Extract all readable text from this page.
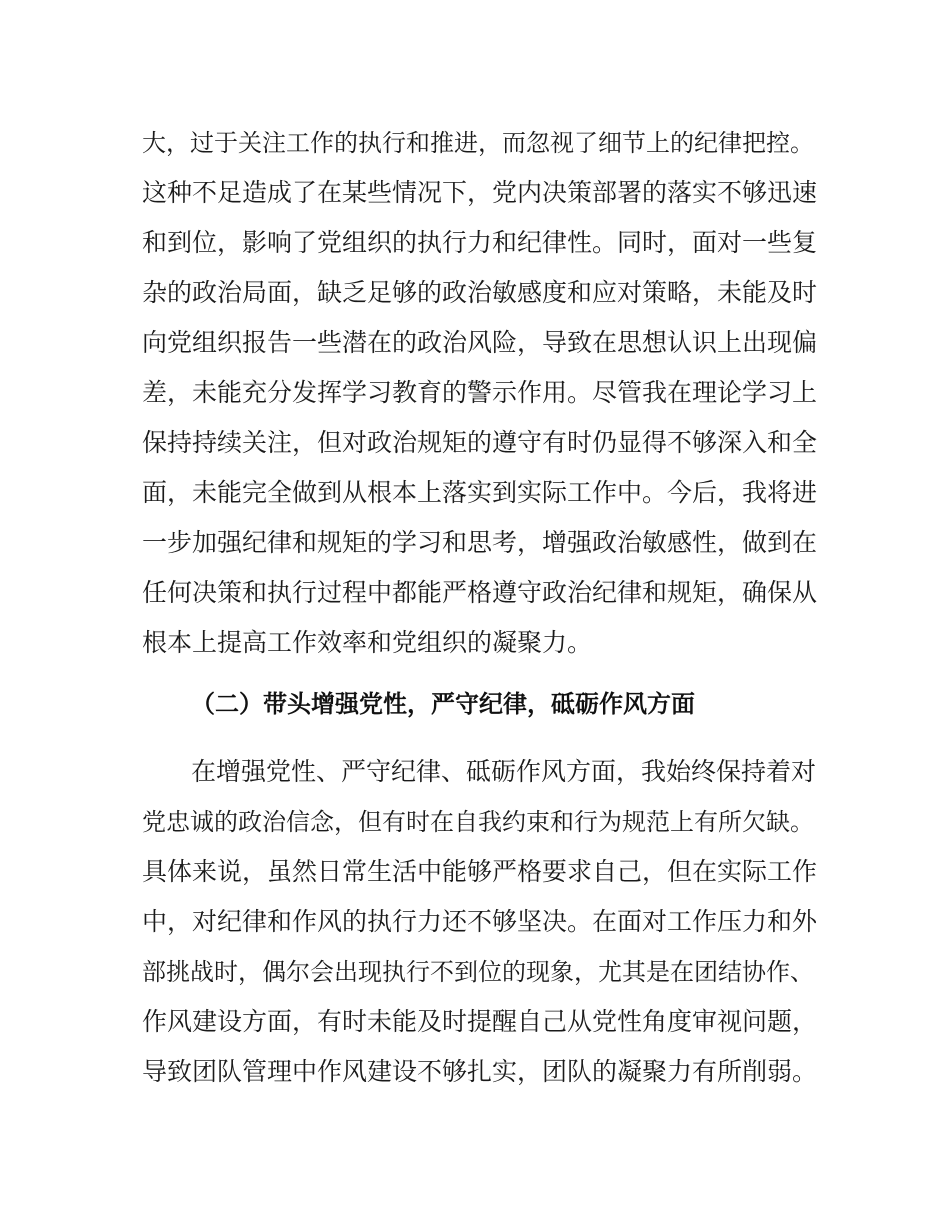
大，过于关注工作的执行和推进，而忽视了细节上的纪律把控。
这种不足造成了在某些情况下，党内决策部署的落实不够迅速
和到位，影响了党组织的执行力和纪律性。同时，面对一些复
杂的政治局面，缺乏足够的政治敏感度和应对策略，未能及时
向党组织报告一些潜在的政治风险，导致在思想认识上出现偏
差，未能充分发挥学习教育的警示作用。尽管我在理论学习上
保持持续关注，但对政治规矩的遵守有时仍显得不够深入和全
面，未能完全做到从根本上落实到实际工作中。今后，我将进
一步加强纪律和规矩的学习和思考，增强政治敏感性，做到在
任何决策和执行过程中都能严格遵守政治纪律和规矩，确保从
根本上提高工作效率和党组织的凝聚力。
（二）带头增强党性，严守纪律，砥砺作风方面
在增强党性、严守纪律、砥砺作风方面，我始终保持着对
党忠诚的政治信念，但有时在自我约束和行为规范上有所欠缺。
具体来说，虽然日常生活中能够严格要求自己，但在实际工作
中，对纪律和作风的执行力还不够坚决。在面对工作压力和外
部挑战时，偶尔会出现执行不到位的现象，尤其是在团结协作、
作风建设方面，有时未能及时提醒自己从党性角度审视问题，
导致团队管理中作风建设不够扎实，团队的凝聚力有所削弱。
